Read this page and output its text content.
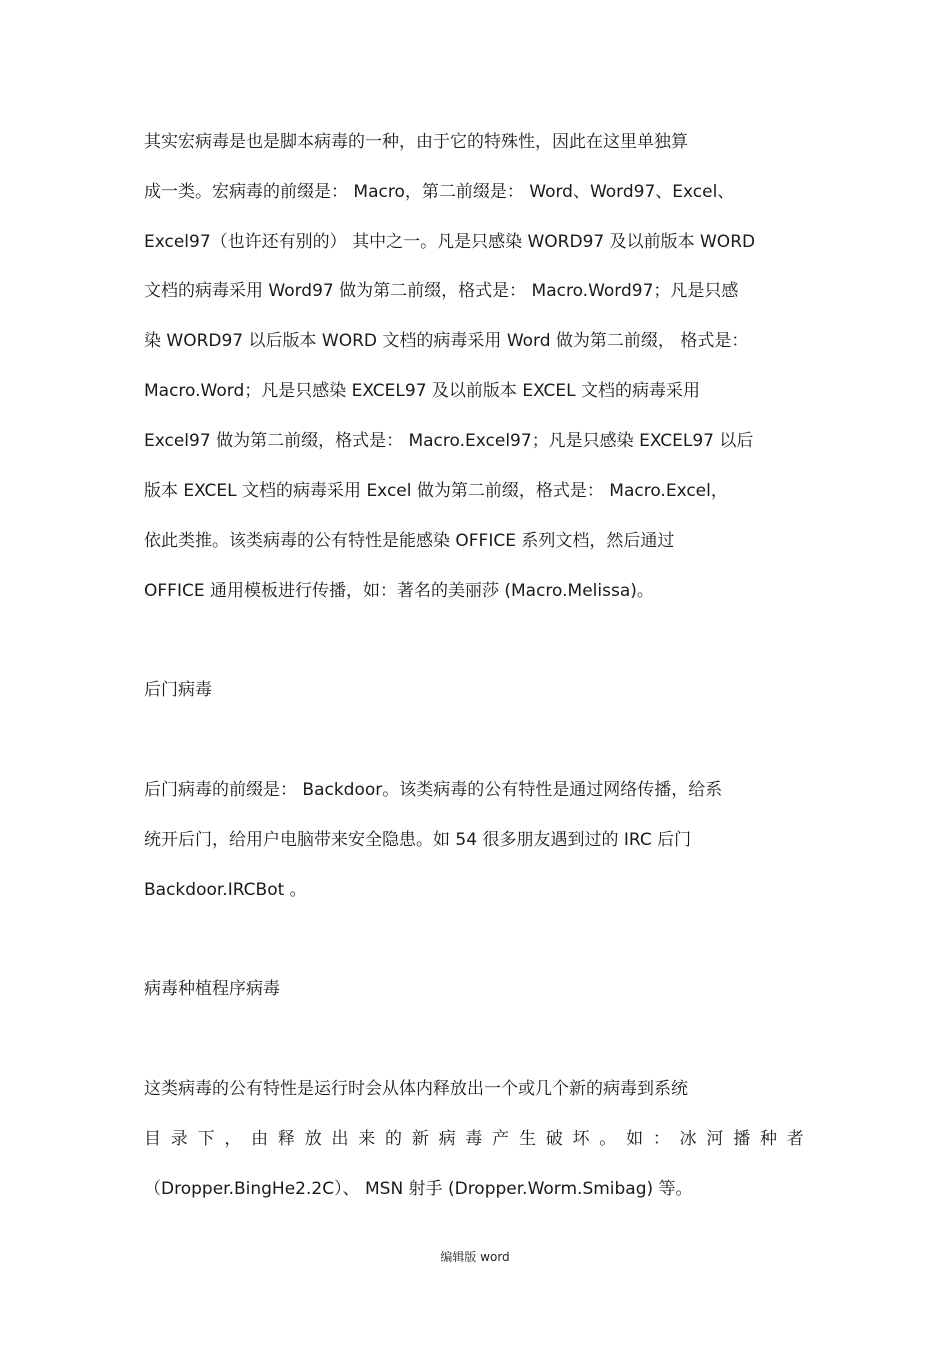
其实宏病毒是也是脚本病毒的一种，由于它的特殊性，因此在这里单独算
成一类。宏病毒的前缀是： Macro，第二前缀是： Word、Word97、Excel、
Excel97（也许还有别的） 其中之一。凡是只感染 WORD97 及以前版本 WORD
文档的病毒采用 Word97 做为第二前缀，格式是： Macro.Word97；凡是只感
染 WORD97 以后版本 WORD 文档的病毒采用 Word 做为第二前缀， 格式是：
Macro.Word；凡是只感染 EXCEL97 及以前版本 EXCEL 文档的病毒采用
Excel97 做为第二前缀，格式是： Macro.Excel97；凡是只感染 EXCEL97 以后
版本 EXCEL 文档的病毒采用 Excel 做为第二前缀，格式是： Macro.Excel，
依此类推。该类病毒的公有特性是能感染 OFFICE 系列文档，然后通过
OFFICE 通用模板进行传播，如：著名的美丽莎 (Macro.Melissa)。
后门病毒
后门病毒的前缀是： Backdoor。该类病毒的公有特性是通过网络传播，给系
统开后门，给用户电脑带来安全隐患。如 54 很多朋友遇到过的 IRC 后门
Backdoor.IRCBot 。
病毒种植程序病毒
这类病毒的公有特性是运行时会从体内释放出一个或几个新的病毒到系统
目 录 下 ， 由 释 放 出 来 的 新 病 毒 产 生 破 坏 。 如 ： 冰 河 播 种 者
（Dropper.BingHe2.2C）、 MSN 射手 (Dropper.Worm.Smibag) 等。
编辑版 word
